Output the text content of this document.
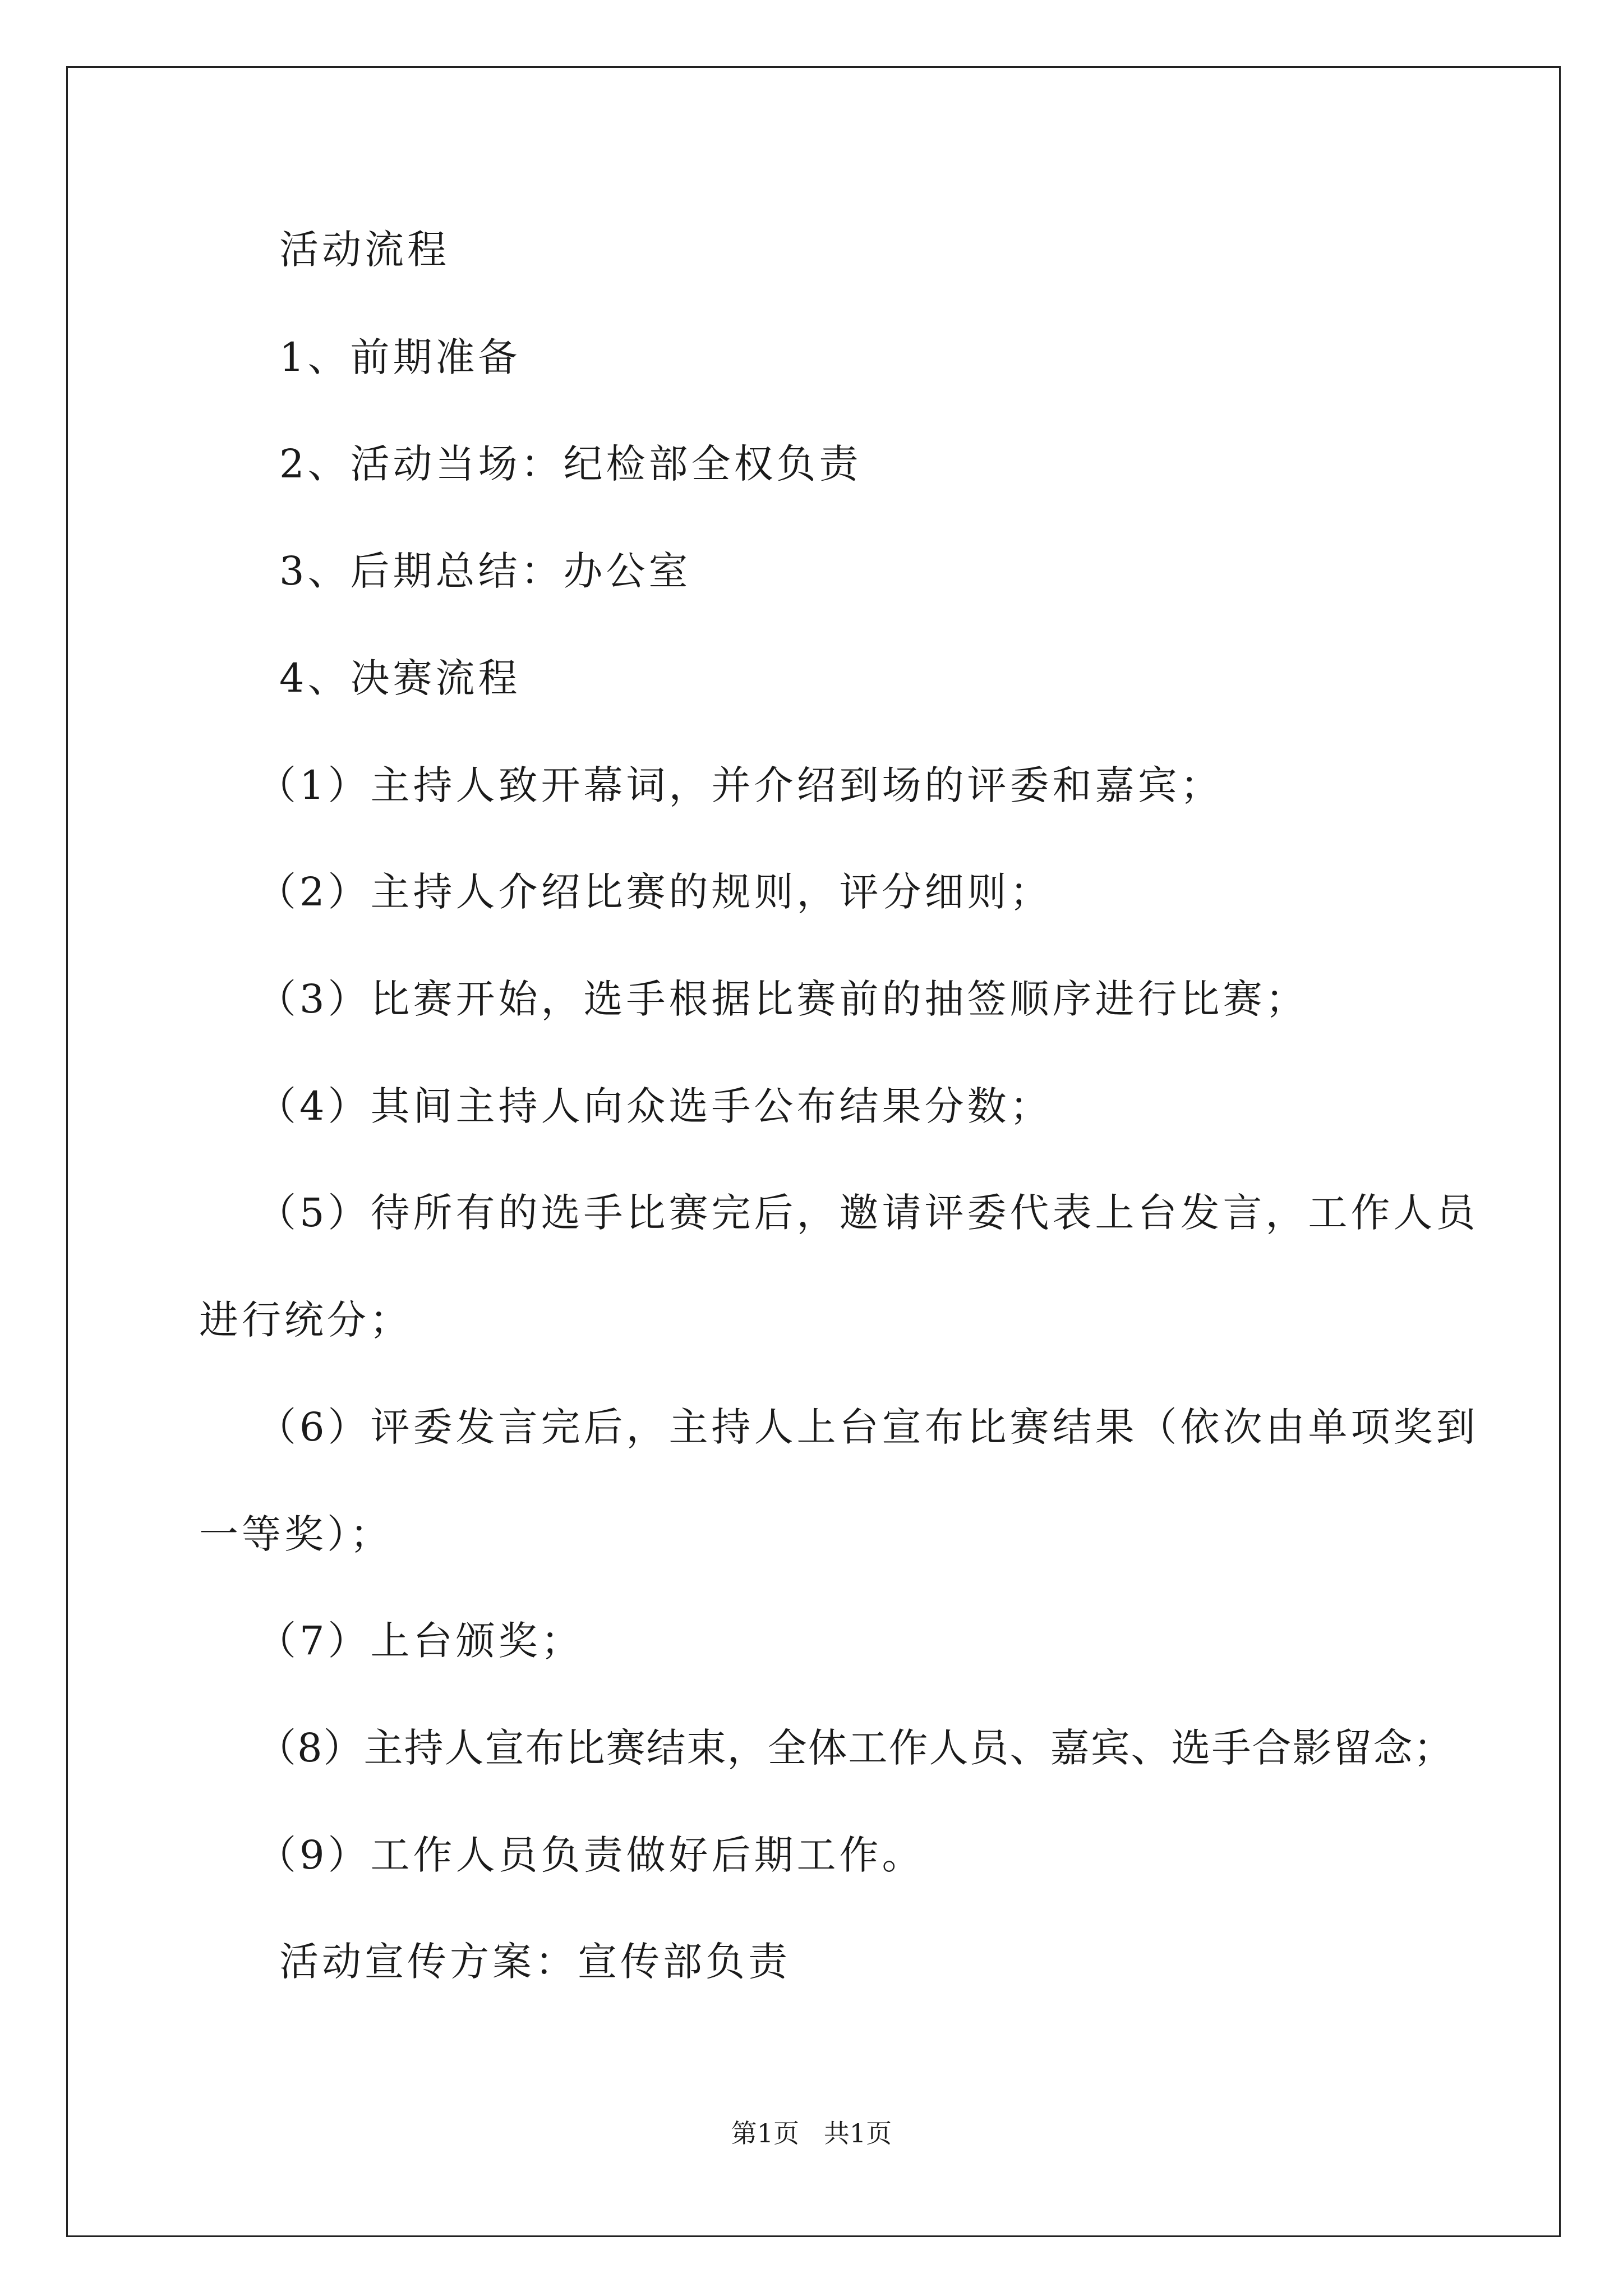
活动流程
1、前期准备
2、活动当场：纪检部全权负责
3、后期总结：办公室
4、决赛流程
（1）主持人致开幕词，并介绍到场的评委和嘉宾；
（2）主持人介绍比赛的规则，评分细则；
（3）比赛开始，选手根据比赛前的抽签顺序进行比赛；
（4）其间主持人向众选手公布结果分数；
（5）待所有的选手比赛完后，邀请评委代表上台发言，工作人员
进行统分；
（6）评委发言完后，主持人上台宣布比赛结果（依次由单项奖到
一等奖）；
（7）上台颁奖；
（8）主持人宣布比赛结束，全体工作人员、嘉宾、选手合影留念；
（9）工作人员负责做好后期工作。
活动宣传方案：宣传部负责
第1页   共1页
